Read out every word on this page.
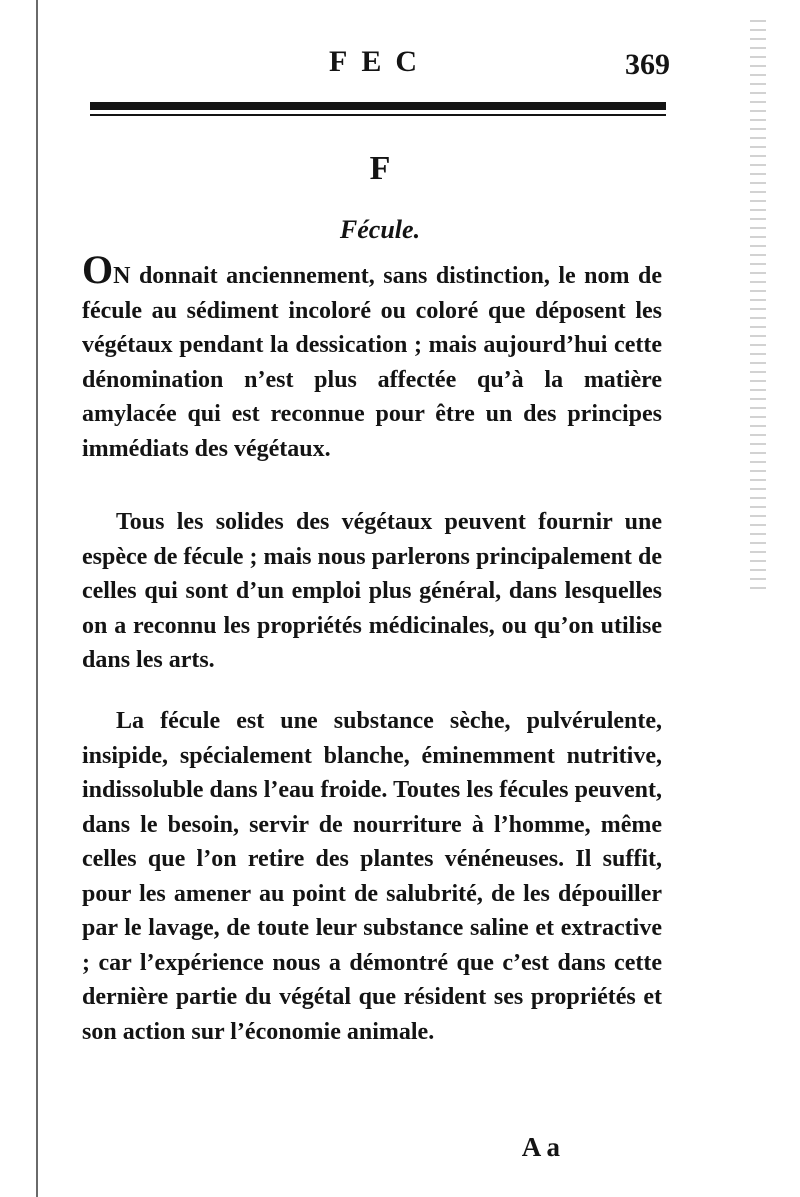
FEC	369
F
Fécule.

ON donnait anciennement, sans distinction, le nom de fécule au sédiment incoloré ou coloré que déposent les végétaux pendant la dessication ; mais aujourd’hui cette dénomination n’est plus affectée qu’à la matière amylacée qui est reconnue pour être un des principes immédiats des végétaux.

Tous les solides des végétaux peuvent fournir une espèce de fécule ; mais nous parlerons principalement de celles qui sont d’un emploi plus général, dans lesquelles on a reconnu les propriétés médicinales, ou qu’on utilise dans les arts.

La fécule est une substance sèche, pulvérulente, insipide, spécialement blanche, éminemment nutritive, indissoluble dans l’eau froide. Toutes les fécules peuvent, dans le besoin, servir de nourriture à l’homme, même celles que l’on retire des plantes vénéneuses. Il suffit, pour les amener au point de salubrité, de les dépouiller par le lavage, de toute leur substance saline et extractive ; car l’expérience nous a démontré que c’est dans cette dernière partie du végétal que résident ses propriétés et son action sur l’économie animale.

A a
